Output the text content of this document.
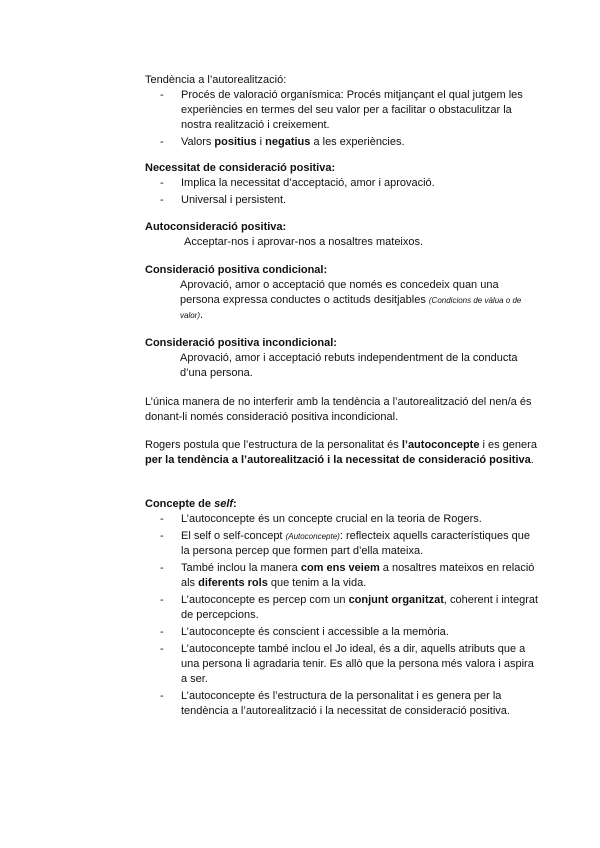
Tendència a l’autorealització:

- Procés de valoració organísmica: Procés mitjançant el qual jutgem les experiències en termes del seu valor per a facilitar o obstaculitzar la nostra realització i creixement.
- Valors positius i negatius a les experiències.

Necessitat de consideració positiva:

- Implica la necessitat d’acceptació, amor i aprovació.
- Universal i persistent.

Autoconsideració positiva:

Acceptar-nos i aprovar-nos a nosaltres mateixos.

Consideració positiva condicional:

Aprovació, amor o acceptació que només es concedeix quan una persona expressa conductes o actituds desitjables (Condicions de vàlua o de valor).

Consideració positiva incondicional:

Aprovació, amor i acceptació rebuts independentment de la conducta d’una persona.

L’única manera de no interferir amb la tendència a l’autorealització del nen/a és donant-li només consideració positiva incondicional.

Rogers postula que l’estructura de la personalitat és l’autoconcepte i es genera per la tendència a l’autorealització i la necessitat de consideració positiva.

Concepte de self:

- L’autoconcepte és un concepte crucial en la teoria de Rogers.
- El self o self-concept (Autoconcepte): reflecteix aquells característiques que la persona percep que formen part d’ella mateixa.
- També inclou la manera com ens veiem a nosaltres mateixos en relació als diferents rols que tenim a la vida.
- L’autoconcepte es percep com un conjunt organitzat, coherent i integrat de percepcions.
- L’autoconcepte és conscient i accessible a la memòria.
- L’autoconcepte també inclou el Jo ideal, és a dir, aquells atributs que a una persona li agradaria tenir. Es allò que la persona més valora i aspira a ser.
- L’autoconcepte és l’estructura de la personalitat i es genera per la tendència a l’autorealització i la necessitat de consideració positiva.
